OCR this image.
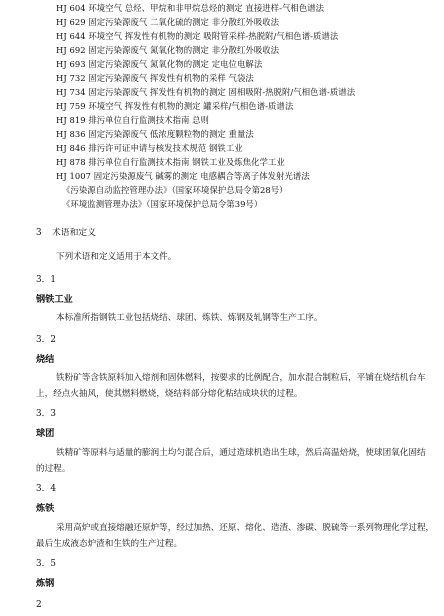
HJ 604 环境空气 总烃、甲烷和非甲烷总烃的测定 直接进样-气相色谱法
HJ 629 固定污染源废气 二氧化硫的测定 非分散红外吸收法
HJ 644 环境空气 挥发性有机物的测定 吸附管采样-热脱附/气相色谱-质谱法
HJ 692 固定污染源废气 氮氧化物的测定 非分散红外吸收法
HJ 693 固定污染源废气 氮氧化物的测定 定电位电解法
HJ 732 固定污染源废气 挥发性有机物的采样 气袋法
HJ 734 固定污染源废气 挥发性有机物的测定 固相吸附-热脱附/气相色谱-质谱法
HJ 759 环境空气 挥发性有机物的测定 罐采样/气相色谱-质谱法
HJ 819 排污单位自行监测技术指南 总则
HJ 836 固定污染源废气 低浓度颗粒物的测定 重量法
HJ 846 排污许可证申请与核发技术规范 钢铁工业
HJ 878 排污单位自行监测技术指南 钢铁工业及炼焦化学工业
HJ 1007 固定污染源废气 碱雾的测定 电感耦合等离子体发射光谱法
《污染源自动监控管理办法》（国家环境保护总局令第28号）
《环境监测管理办法》（国家环境保护总局令第39号）
3 术语和定义
下列术语和定义适用于本文件。
3．1
钢铁工业
本标准所指钢铁工业包括烧结、球团、炼铁、炼钢及轧钢等生产工序。
3．2
烧结
铁粉矿等含铁原料加入熔剂和固体燃料，按要求的比例配合，加水混合制粒后，平铺在烧结机台车
上，经点火抽风，使其燃料燃烧，烧结料部分熔化粘结成块状的过程。
3．3
球团
铁精矿等原料与适量的膨润土均匀混合后，通过造球机造出生球，然后高温焙烧，使球团氧化固结
的过程。
3．4
炼铁
采用高炉或直接熔融还原炉等，经过加热、还原、熔化、造渣、渗碳、脱硫等一系列物理化学过程，
最后生成液态炉渣和生铁的生产过程。
3．5
炼钢
2
